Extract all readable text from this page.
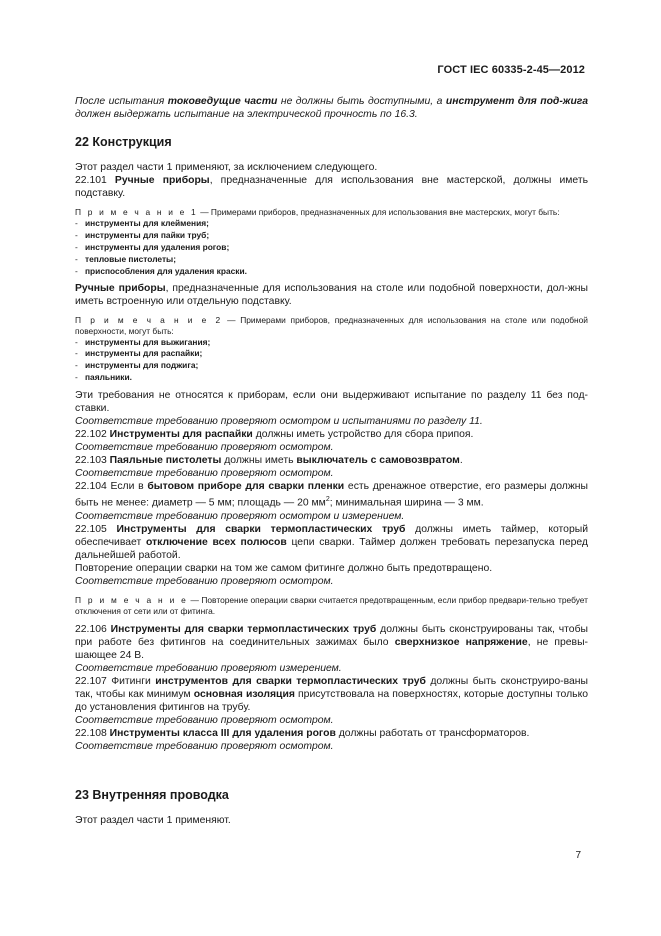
ГОСТ IEC 60335-2-45—2012

После испытания токоведущие части не должны быть доступными, а инструмент для под-жига должен выдержать испытание на электрической прочность по 16.3.

22 Конструкция

Этот раздел части 1 применяют, за исключением следующего.

22.101 Ручные приборы, предназначенные для использования вне мастерской, должны иметь подставку.

П р и м е ч а н и е 1 — Примерами приборов, предназначенных для использования вне мастерских, могут быть:

- инструменты для клеймения;
- инструменты для пайки труб;
- инструменты для удаления рогов;
- тепловые пистолеты;
- приспособления для удаления краски.

Ручные приборы, предназначенные для использования на столе или подобной поверхности, дол-жны иметь встроенную или отдельную подставку.

П р и м е ч а н и е 2 — Примерами приборов, предназначенных для использования на столе или подобной поверхности, могут быть:

- инструменты для выжигания;
- инструменты для распайки;
- инструменты для поджига;
- паяльники.

Эти требования не относятся к приборам, если они выдерживают испытание по разделу 11 без под-ставки.

Соответствие требованию проверяют осмотром и испытаниями по разделу 11.

22.102 Инструменты для распайки должны иметь устройство для сбора припоя.

Соответствие требованию проверяют осмотром.

22.103 Паяльные пистолеты должны иметь выключатель с самовозвратом.

Соответствие требованию проверяют осмотром.

22.104 Если в бытовом приборе для сварки пленки есть дренажное отверстие, его размеры должны быть не менее: диаметр — 5 мм; площадь — 20 $мм^2$; минимальная ширина — 3 мм.

Соответствие требованию проверяют осмотром и измерением.

22.105 Инструменты для сварки термопластических труб должны иметь таймер, который обеспечивает отключение всех полюсов цепи сварки. Таймер должен требовать перезапуска перед дальнейшей работой.

Повторение операции сварки на том же самом фитинге должно быть предотвращено.

Соответствие требованию проверяют осмотром.

П р и м е ч а н и е — Повторение операции сварки считается предотвращенным, если прибор предвари-тельно требует отключения от сети или от фитинга.

22.106 Инструменты для сварки термопластических труб должны быть сконструированы так, чтобы при работе без фитингов на соединительных зажимах было сверхнизкое напряжение, не превы-шающее 24 В.

Соответствие требованию проверяют измерением.

22.107 Фитинги инструментов для сварки термопластических труб должны быть сконструиро-ваны так, чтобы как минимум основная изоляция присутствовала на поверхностях, которые доступны только до установления фитингов на трубу.

Соответствие требованию проверяют осмотром.

22.108 Инструменты класса III для удаления рогов должны работать от трансформаторов.

Соответствие требованию проверяют осмотром.

23 Внутренняя проводка

Этот раздел части 1 применяют.

7
